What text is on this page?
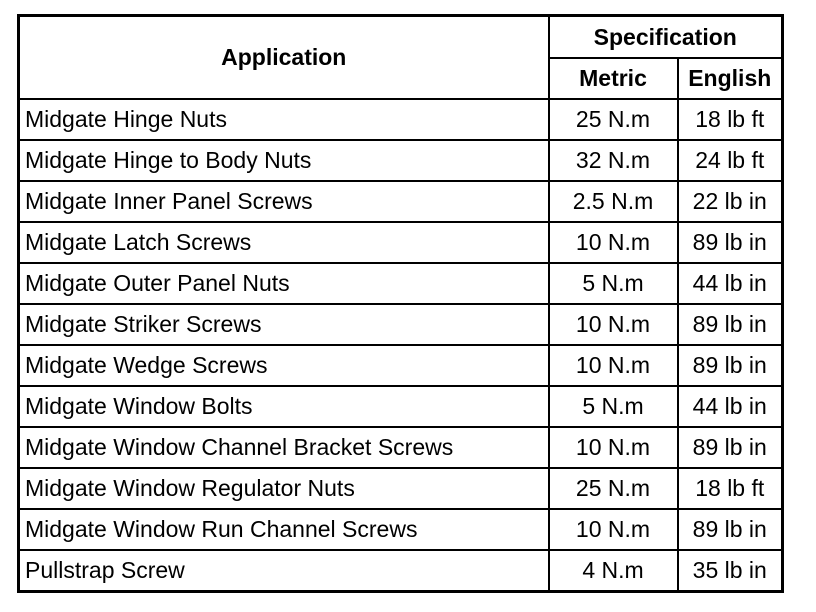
Application	Specification	
	Metric	English
Midgate Hinge Nuts	25 N.m	18 lb ft
Midgate Hinge to Body Nuts	32 N.m	24 lb ft
Midgate Inner Panel Screws	2.5 N.m	22 lb in
Midgate Latch Screws	10 N.m	89 lb in
Midgate Outer Panel Nuts	5 N.m	44 lb in
Midgate Striker Screws	10 N.m	89 lb in
Midgate Wedge Screws	10 N.m	89 lb in
Midgate Window Bolts	5 N.m	44 lb in
Midgate Window Channel Bracket Screws	10 N.m	89 lb in
Midgate Window Regulator Nuts	25 N.m	18 lb ft
Midgate Window Run Channel Screws	10 N.m	89 lb in
Pullstrap Screw	4 N.m	35 lb in
